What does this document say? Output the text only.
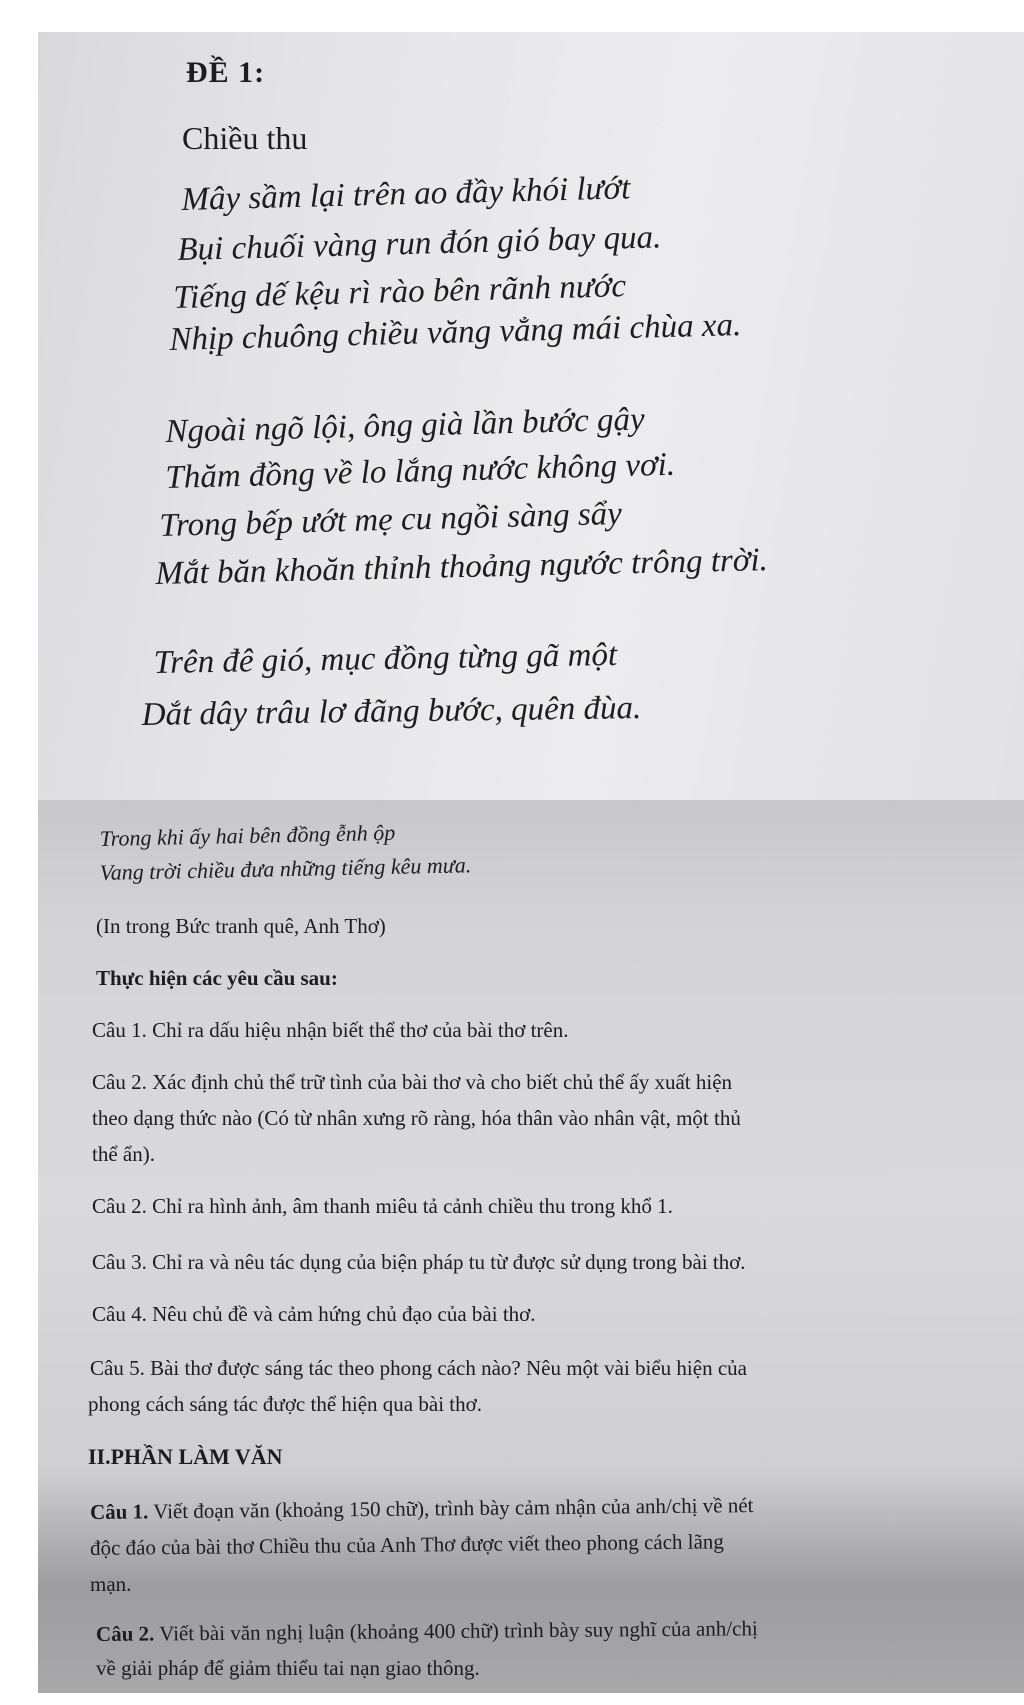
ĐỀ 1:
Chiều thu
Mây sầm lại trên ao đầy khói lướt
Bụi chuối vàng run đón gió bay qua.
Tiếng dế kệu rì rào bên rãnh nước
Nhịp chuông chiều văng vẳng mái chùa xa.
Ngoài ngõ lội, ông già lần bước gậy
Thăm đồng về lo lắng nước không vơi.
Trong bếp ướt mẹ cu ngồi sàng sẩy
Mắt băn khoăn thỉnh thoảng ngước trông trời.
Trên đê gió, mục đồng từng gã một
Dắt dây trâu lơ đãng bước, quên đùa.
Trong khi ấy hai bên đồng ễnh ộp
Vang trời chiều đưa những tiếng kêu mưa.
(In trong Bức tranh quê, Anh Thơ)
Thực hiện các yêu cầu sau:
Câu 1. Chỉ ra dấu hiệu nhận biết thể thơ của bài thơ trên.
Câu 2. Xác định chủ thể trữ tình của bài thơ và cho biết chủ thể ấy xuất hiện
theo dạng thức nào (Có từ nhân xưng rõ ràng, hóa thân vào nhân vật, một thủ
thể ẩn).
Câu 2. Chỉ ra hình ảnh, âm thanh miêu tả cảnh chiều thu trong khổ 1.
Câu 3. Chỉ ra và nêu tác dụng của biện pháp tu từ được sử dụng trong bài thơ.
Câu 4. Nêu chủ đề và cảm hứng chủ đạo của bài thơ.
Câu 5. Bài thơ được sáng tác theo phong cách nào? Nêu một vài biểu hiện của
phong cách sáng tác được thể hiện qua bài thơ.
II.PHẦN LÀM VĂN
Câu 1. Viết đoạn văn (khoảng 150 chữ), trình bày cảm nhận của anh/chị về nét
độc đáo của bài thơ Chiều thu của Anh Thơ được viết theo phong cách lãng
mạn.
Câu 2. Viết bài văn nghị luận (khoảng 400 chữ) trình bày suy nghĩ của anh/chị
về giải pháp để giảm thiểu tai nạn giao thông.
